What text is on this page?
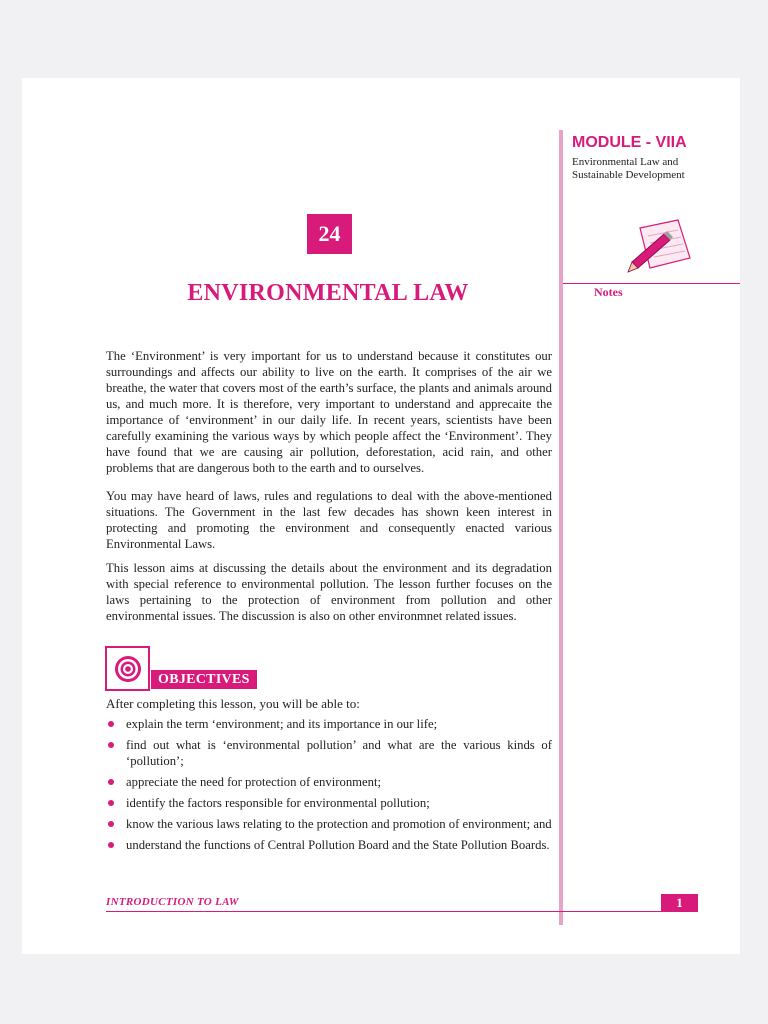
MODULE - VIIA
Environmental Law and
Sustainable Development
Notes
24
ENVIRONMENTAL LAW

The ‘Environment’ is very important for us to understand because it constitutes our surroundings and affects our ability to live on the earth. It comprises of the air we breathe, the water that covers most of the earth’s surface, the plants and animals around us, and much more. It is therefore, very important to understand and apprecaite the importance of ‘environment’ in our daily life. In recent years, scientists have been carefully examining the various ways by which people affect the ‘Environment’. They have found that we are causing air pollution, deforestation, acid rain, and other problems that are dangerous both to the earth and to ourselves.

You may have heard of laws, rules and regulations to deal with the above-mentioned situations. The Government in the last few decades has shown keen interest in protecting and promoting the environment and consequently enacted various Environmental Laws.

This lesson aims at discussing the details about the environment and its degradation with special reference to environmental pollution. The lesson further focuses on the laws pertaining to the protection of environment from pollution and other environmental issues. The discussion is also on other environmnet related issues.

OBJECTIVES
After completing this lesson, you will be able to:
explain the term ‘environment; and its importance in our life;
find out what is ‘environmental pollution’ and what are the various kinds of ‘pollution’;
appreciate the need for protection of environment;
identify the factors responsible for environmental pollution;
know the various laws relating to the protection and promotion of environment; and
understand the functions of Central Pollution Board and the State Pollution Boards.
INTRODUCTION TO LAW	1
